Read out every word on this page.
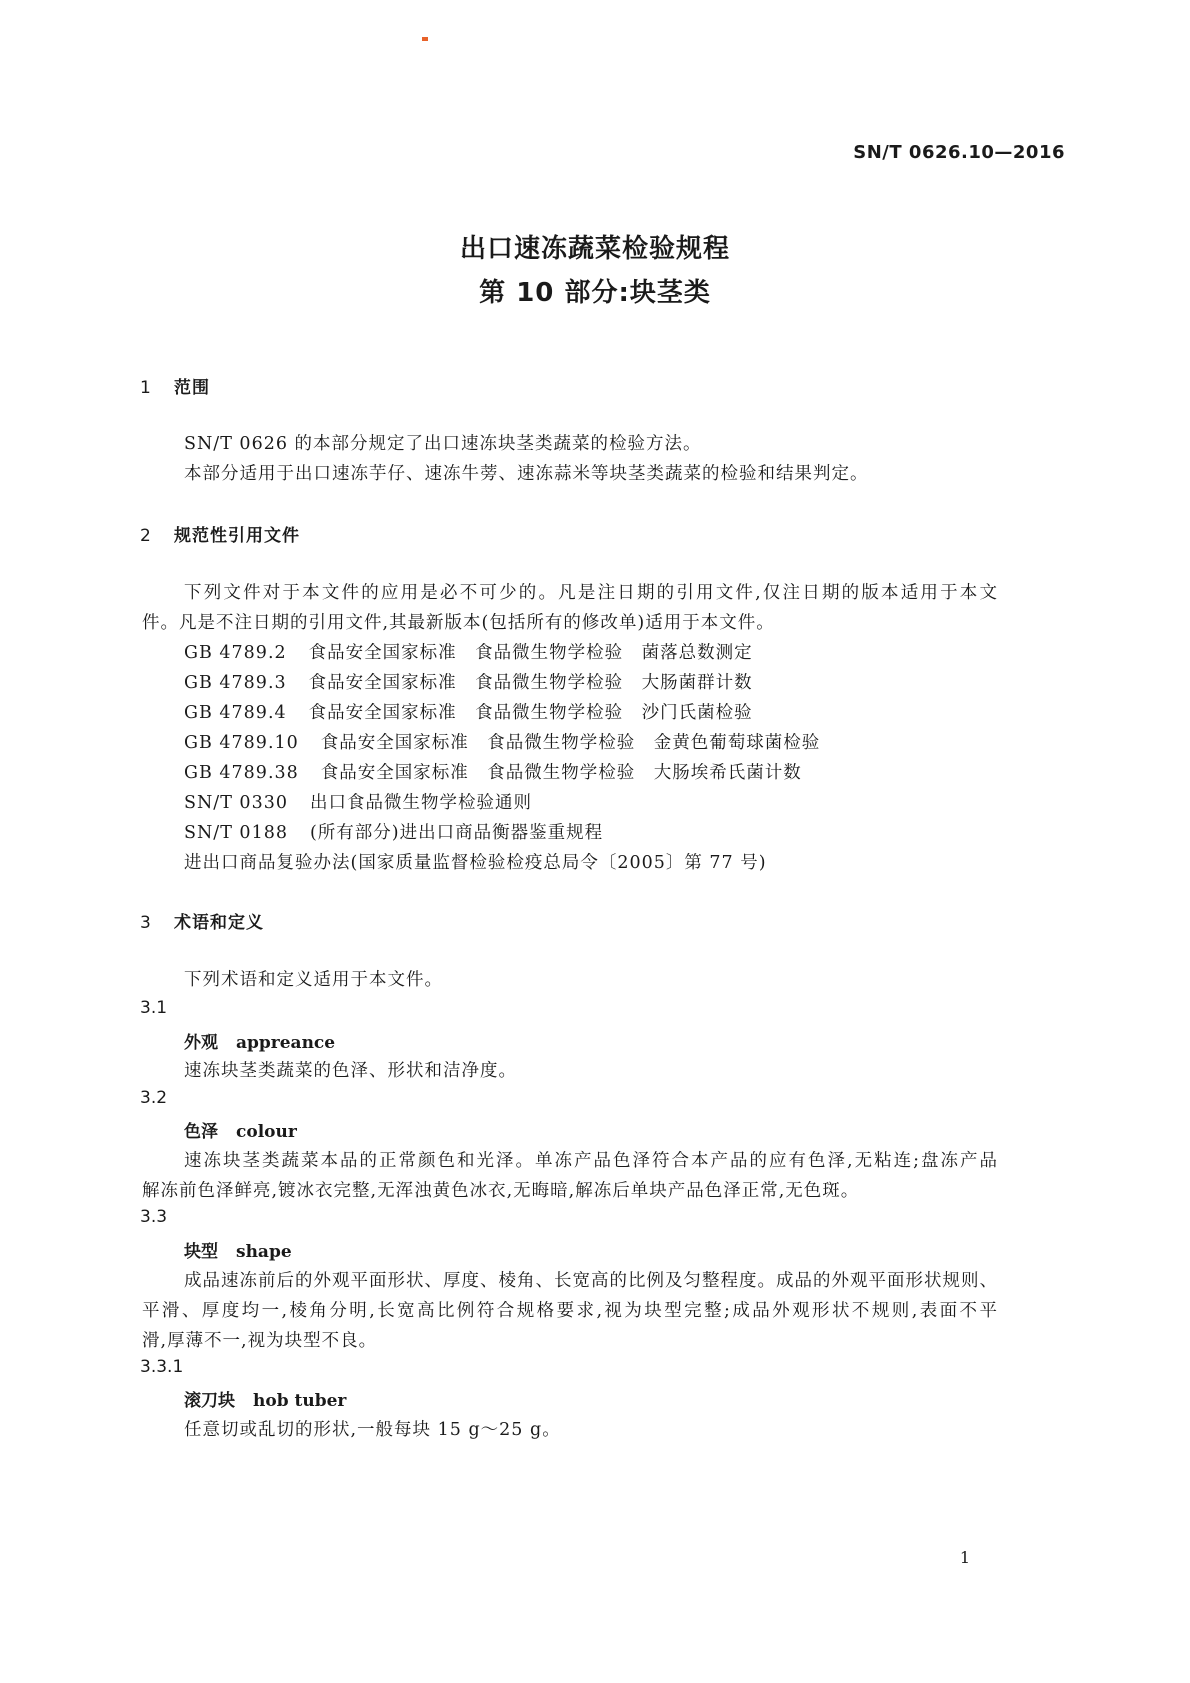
SN/T 0626.10—2016
出口速冻蔬菜检验规程
第 10 部分:块茎类
1 范围
SN/T 0626 的本部分规定了出口速冻块茎类蔬菜的检验方法。
本部分适用于出口速冻芋仔、速冻牛蒡、速冻蒜米等块茎类蔬菜的检验和结果判定。
2 规范性引用文件
下列文件对于本文件的应用是必不可少的。凡是注日期的引用文件,仅注日期的版本适用于本文
件。凡是不注日期的引用文件,其最新版本(包括所有的修改单)适用于本文件。
GB 4789.2 食品安全国家标准　食品微生物学检验　菌落总数测定
GB 4789.3 食品安全国家标准　食品微生物学检验　大肠菌群计数
GB 4789.4 食品安全国家标准　食品微生物学检验　沙门氏菌检验
GB 4789.10 食品安全国家标准　食品微生物学检验　金黄色葡萄球菌检验
GB 4789.38 食品安全国家标准　食品微生物学检验　大肠埃希氏菌计数
SN/T 0330 出口食品微生物学检验通则
SN/T 0188 (所有部分)进出口商品衡器鉴重规程
进出口商品复验办法(国家质量监督检验检疫总局令〔2005〕第 77 号)
3 术语和定义
下列术语和定义适用于本文件。
3.1
外观 appreance
速冻块茎类蔬菜的色泽、形状和洁净度。
3.2
色泽 colour
速冻块茎类蔬菜本品的正常颜色和光泽。单冻产品色泽符合本产品的应有色泽,无粘连;盘冻产品
解冻前色泽鲜亮,镀冰衣完整,无浑浊黄色冰衣,无晦暗,解冻后单块产品色泽正常,无色斑。
3.3
块型 shape
成品速冻前后的外观平面形状、厚度、棱角、长宽高的比例及匀整程度。成品的外观平面形状规则、
平滑、厚度均一,棱角分明,长宽高比例符合规格要求,视为块型完整;成品外观形状不规则,表面不平
滑,厚薄不一,视为块型不良。
3.3.1
滚刀块 hob tuber
任意切或乱切的形状,一般每块 15 g～25 g。
1
